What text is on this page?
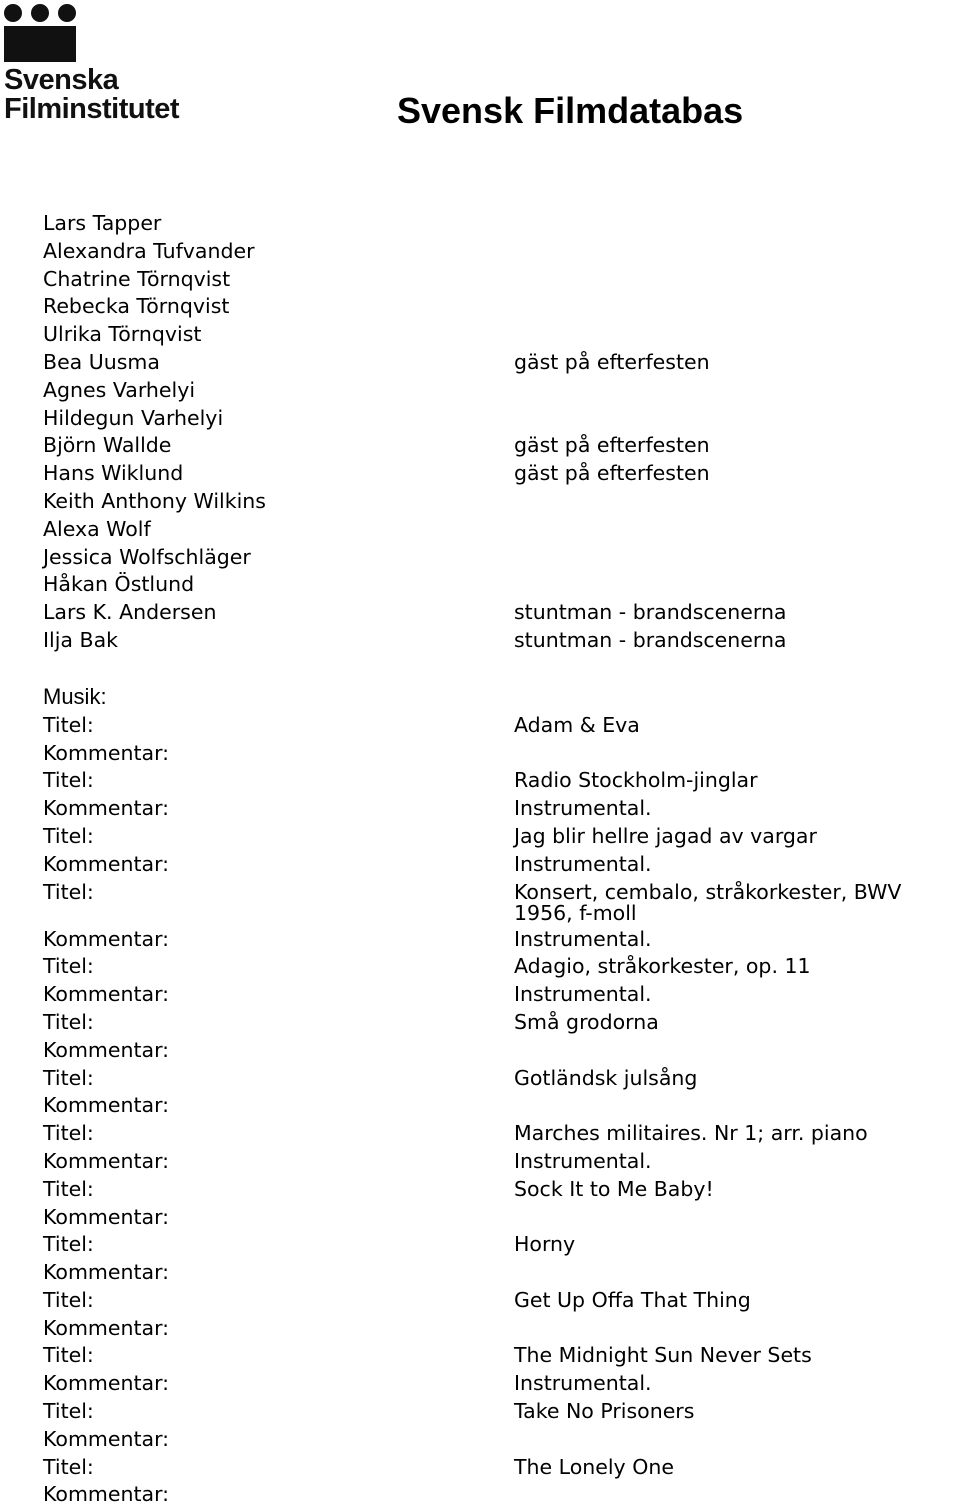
Svenska
Filminstitutet	Svensk Filmdatabas
Lars Tapper
Alexandra Tufvander
Chatrine Törnqvist
Rebecka Törnqvist
Ulrika Törnqvist
Bea Uusma	gäst på efterfesten
Agnes Varhelyi
Hildegun Varhelyi
Björn Wallde	gäst på efterfesten
Hans Wiklund	gäst på efterfesten
Keith Anthony Wilkins
Alexa Wolf
Jessica Wolfschläger
Håkan Östlund
Lars K. Andersen	stuntman - brandscenerna
Ilja Bak	stuntman - brandscenerna
Musik:
Titel:	Adam & Eva
Kommentar:
Titel:	Radio Stockholm-jinglar
Kommentar:	Instrumental.
Titel:	Jag blir hellre jagad av vargar
Kommentar:	Instrumental.
Titel:	Konsert, cembalo, stråkorkester, BWV 1956, f-moll
Kommentar:	Instrumental.
Titel:	Adagio, stråkorkester, op. 11
Kommentar:	Instrumental.
Titel:	Små grodorna
Kommentar:
Titel:	Gotländsk julsång
Kommentar:
Titel:	Marches militaires. Nr 1; arr. piano
Kommentar:	Instrumental.
Titel:	Sock It to Me Baby!
Kommentar:
Titel:	Horny
Kommentar:
Titel:	Get Up Offa That Thing
Kommentar:
Titel:	The Midnight Sun Never Sets
Kommentar:	Instrumental.
Titel:	Take No Prisoners
Kommentar:
Titel:	The Lonely One
Kommentar:
